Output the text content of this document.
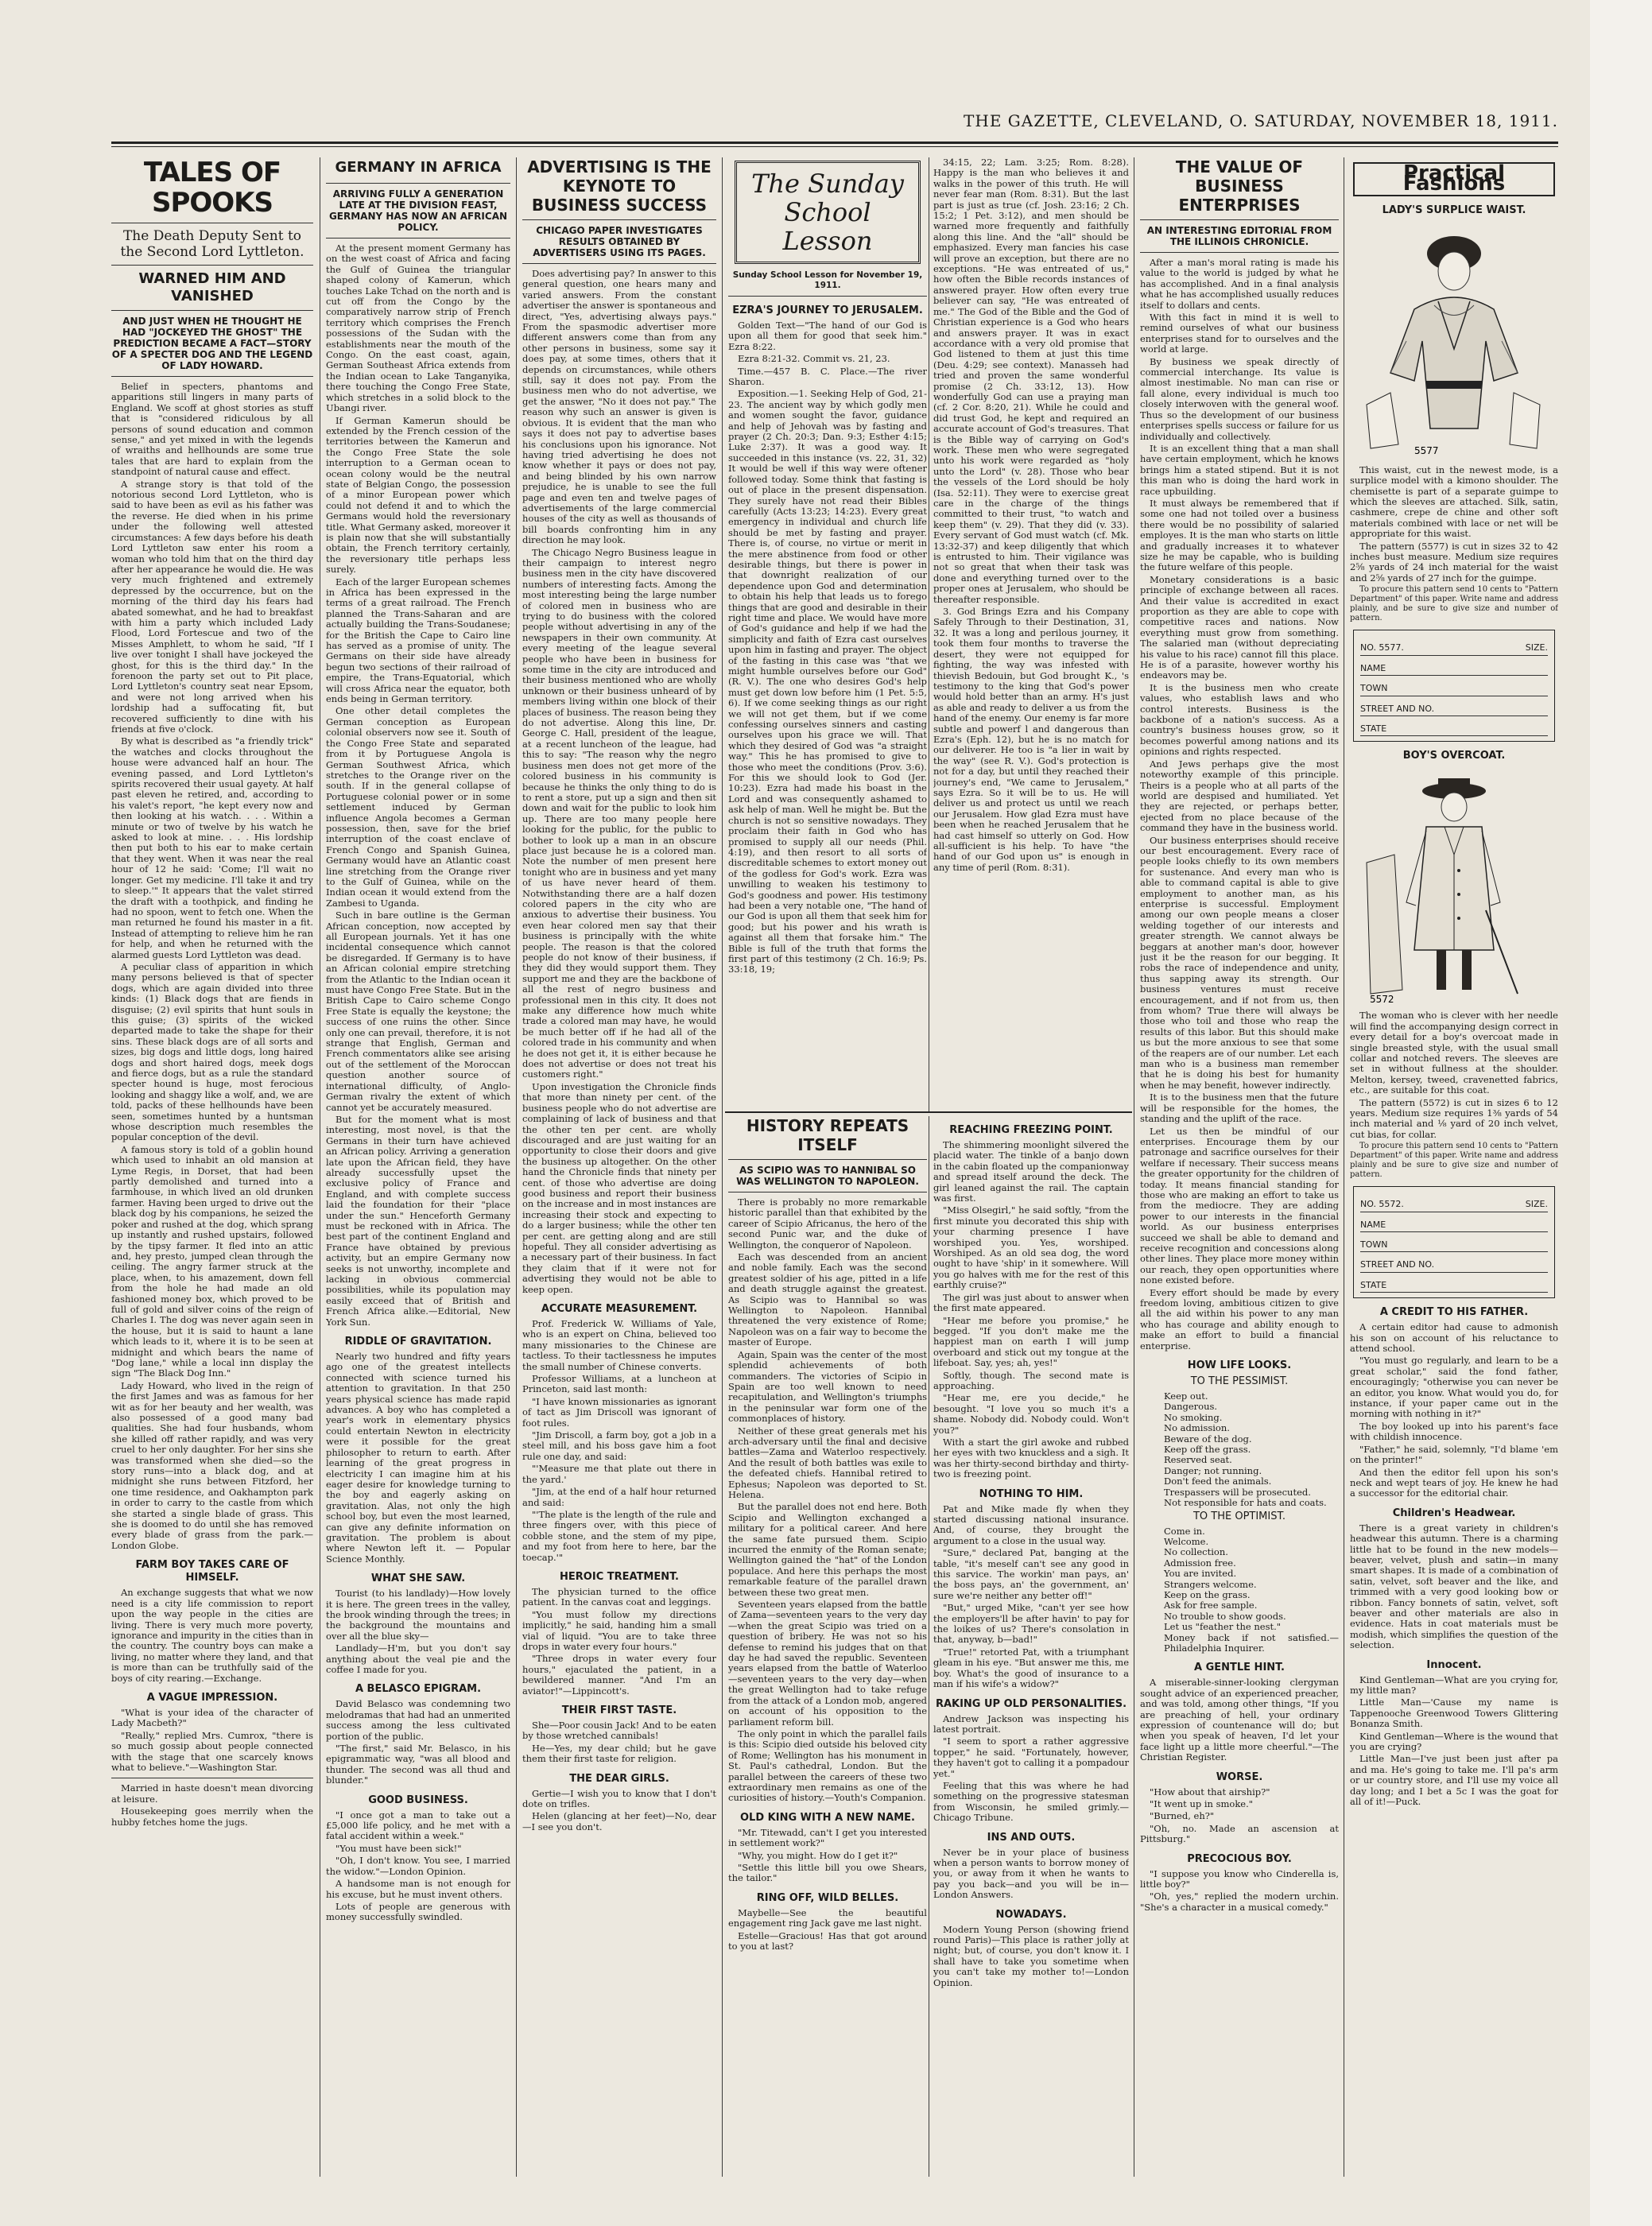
THE GAZETTE, CLEVELAND, O. SATURDAY, NOVEMBER 18, 1911.
TALES OF SPOOKS
The Death Deputy Sent to the Second Lord Lyttleton.
WARNED HIM AND VANISHED
AND JUST WHEN HE THOUGHT HE HAD "JOCKEYED THE GHOST" THE PREDICTION BECAME A FACT—STORY OF A SPECTER DOG AND THE LEGEND OF LADY HOWARD.

Belief in specters, phantoms and apparitions still lingers in many parts of England. We scoff at ghost stories as stuff that is "considered ridiculous by all persons of sound education and common sense," and yet mixed in with the legends of wraiths and hellhounds are some true tales that are hard to explain from the standpoint of natural cause and effect.

A strange story is that told of the notorious second Lord Lyttleton, who is said to have been as evil as his father was the reverse. He died when in his prime under the following well attested circumstances: A few days before his death Lord Lyttleton saw enter his room a woman who told him that on the third day after her appearance he would die. He was very much frightened and extremely depressed by the occurrence, but on the morning of the third day his fears had abated somewhat, and he had to breakfast with him a party which included Lady Flood, Lord Fortescue and two of the Misses Amphlett, to whom he said, "If I live over tonight I shall have jockeyed the ghost, for this is the third day." In the forenoon the party set out to Pit place, Lord Lyttleton's country seat near Epsom, and were not long arrived when his lordship had a suffocating fit, but recovered sufficiently to dine with his friends at five o'clock.

By what is described as "a friendly trick" the watches and clocks throughout the house were advanced half an hour. The evening passed, and Lord Lyttleton's spirits recovered their usual gayety. At half past eleven he retired, and, according to his valet's report, "he kept every now and then looking at his watch. . . . Within a minute or two of twelve by his watch he asked to look at mine. . . . His lordship then put both to his ear to make certain that they went. When it was near the real hour of 12 he said: 'Come; I'll wait no longer. Get my medicine. I'll take it and try to sleep.'" It appears that the valet stirred the draft with a toothpick, and finding he had no spoon, went to fetch one. When the man returned he found his master in a fit. Instead of attempting to relieve him he ran for help, and when he returned with the alarmed guests Lord Lyttleton was dead.

A peculiar class of apparition in which many persons believed is that of specter dogs, which are again divided into three kinds: (1) Black dogs that are fiends in disguise; (2) evil spirits that hunt souls in this guise; (3) spirits of the wicked departed made to take the shape for their sins. These black dogs are of all sorts and sizes, big dogs and little dogs, long haired dogs and short haired dogs, meek dogs and fierce dogs, but as a rule the standard specter hound is huge, most ferocious looking and shaggy like a wolf, and, we are told, packs of these hellhounds have been seen, sometimes hunted by a huntsman whose description much resembles the popular conception of the devil.

A famous story is told of a goblin hound which used to inhabit an old mansion at Lyme Regis, in Dorset, that had been partly demolished and turned into a farmhouse, in which lived an old drunken farmer. Having been urged to drive out the black dog by his companions, he seized the poker and rushed at the dog, which sprang up instantly and rushed upstairs, followed by the tipsy farmer. It fled into an attic and, hey presto, jumped clean through the ceiling. The angry farmer struck at the place, when, to his amazement, down fell from the hole he had made an old fashioned money box, which proved to be full of gold and silver coins of the reign of Charles I. The dog was never again seen in the house, but it is said to haunt a lane which leads to it, where it is to be seen at midnight and which bears the name of "Dog lane," while a local inn display the sign "The Black Dog Inn."

Lady Howard, who lived in the reign of the first James and was as famous for her wit as for her beauty and her wealth, was also possessed of a good many bad qualities. She had four husbands, whom she killed off rather rapidly, and was very cruel to her only daughter. For her sins she was transformed when she died—so the story runs—into a black dog, and at midnight she runs between Fitzford, her one time residence, and Oakhampton park in order to carry to the castle from which she started a single blade of grass. This she is doomed to do until she has removed every blade of grass from the park.—London Globe.

FARM BOY TAKES CARE OF HIMSELF.

An exchange suggests that what we now need is a city life commission to report upon the way people in the cities are living. There is very much more poverty, ignorance and impurity in the cities than in the country. The country boys can make a living, no matter where they land, and that is more than can be truthfully said of the boys of city rearing.—Exchange.

A VAGUE IMPRESSION.

"What is your idea of the character of Lady Macbeth?"

"Really," replied Mrs. Cumrox, "there is so much gossip about people connected with the stage that one scarcely knows what to believe."—Washington Star.

Married in haste doesn't mean divorcing at leisure.

Housekeeping goes merrily when the hubby fetches home the jugs.

GERMANY IN AFRICA
ARRIVING FULLY A GENERATION LATE AT THE DIVISION FEAST, GERMANY HAS NOW AN AFRICAN POLICY.

At the present moment Germany has on the west coast of Africa and facing the Gulf of Guinea the triangular shaped colony of Kamerun, which touches Lake Tchad on the north and is cut off from the Congo by the comparatively narrow strip of French territory which comprises the French possessions of the Sudan with the establishments near the mouth of the Congo. On the east coast, again, German Southeast Africa extends from the Indian ocean to Lake Tanganyika, there touching the Congo Free State, which stretches in a solid block to the Ubangi river.

If German Kamerun should be extended by the French cession of the territories between the Kamerun and the Congo Free State the sole interruption to a German ocean to ocean colony would be the neutral state of Belgian Congo, the possession of a minor European power which could not defend it and to which the Germans would hold the reversionary title. What Germany asked, moreover it is plain now that she will substantially obtain, the French territory certainly, the reversionary title perhaps less surely.

Each of the larger European schemes in Africa has been expressed in the terms of a great railroad. The French planned the Trans-Saharan and are actually building the Trans-Soudanese; for the British the Cape to Cairo line has served as a promise of unity. The Germans on their side have already begun two sections of their railroad of empire, the Trans-Equatorial, which will cross Africa near the equator, both ends being in German territory.

One other detail completes the German conception as European colonial observers now see it. South of the Congo Free State and separated from it by Portuguese Angola is German Southwest Africa, which stretches to the Orange river on the south. If in the general collapse of Portuguese colonial power or in some settlement induced by German influence Angola becomes a German possession, then, save for the brief interruption of the coast enclave of French Congo and Spanish Guinea, Germany would have an Atlantic coast line stretching from the Orange river to the Gulf of Guinea, while on the Indian ocean it would extend from the Zambesi to Uganda.

Such in bare outline is the German African conception, now accepted by all European journals. Yet it has one incidental consequence which cannot be disregarded. If Germany is to have an African colonial empire stretching from the Atlantic to the Indian ocean it must have Congo Free State. But in the British Cape to Cairo scheme Congo Free State is equally the keystone; the success of one ruins the other. Since only one can prevail, therefore, it is not strange that English, German and French commentators alike see arising out of the settlement of the Moroccan question another source of international difficulty, of Anglo-German rivalry the extent of which cannot yet be accurately measured.

But for the moment what is most interesting, most novel, is that the Germans in their turn have achieved an African policy. Arriving a generation late upon the African field, they have already successfully upset the exclusive policy of France and England, and with complete success laid the foundation for their "place under the sun." Henceforth Germany must be reckoned with in Africa. The best part of the continent England and France have obtained by previous activity, but an empire Germany now seeks is not unworthy, incomplete and lacking in obvious commercial possibilities, while its population may easily exceed that of British and French Africa alike.—Editorial, New York Sun.

RIDDLE OF GRAVITATION.

Nearly two hundred and fifty years ago one of the greatest intellects connected with science turned his attention to gravitation. In that 250 years physical science has made rapid advances. A boy who has completed a year's work in elementary physics could entertain Newton in electricity were it possible for the great philosopher to return to earth. After learning of the great progress in electricity I can imagine him at his eager desire for knowledge turning to the boy and eagerly asking on gravitation. Alas, not only the high school boy, but even the most learned, can give any definite information on gravitation. The problem is about where Newton left it. — Popular Science Monthly.

WHAT SHE SAW.

Tourist (to his landlady)—How lovely it is here. The green trees in the valley, the brook winding through the trees; in the background the mountains and over all the blue sky—

Landlady—H'm, but you don't say anything about the veal pie and the coffee I made for you.

A BELASCO EPIGRAM.

David Belasco was condemning two melodramas that had had an unmerited success among the less cultivated portion of the public.

"The first," said Mr. Belasco, in his epigrammatic way, "was all blood and thunder. The second was all thud and blunder."

GOOD BUSINESS.

"I once got a man to take out a £5,000 life policy, and he met with a fatal accident within a week."

"You must have been sick!"

"Oh, I don't know. You see, I married the widow."—London Opinion.

A handsome man is not enough for his excuse, but he must invent others.

Lots of people are generous with money successfully swindled.

ADVERTISING IS THE KEYNOTE TO BUSINESS SUCCESS
CHICAGO PAPER INVESTIGATES RESULTS OBTAINED BY ADVERTISERS USING ITS PAGES.

Does advertising pay? In answer to this general question, one hears many and varied answers. From the constant advertiser the answer is spontaneous and direct, "Yes, advertising always pays." From the spasmodic advertiser more different answers come than from any other persons in business, some say it does pay, at some times, others that it depends on circumstances, while others still, say it does not pay. From the business men who do not advertise, we get the answer, "No it does not pay." The reason why such an answer is given is obvious. It is evident that the man who says it does not pay to advertise bases his conclusions upon his ignorance. Not having tried advertising he does not know whether it pays or does not pay, and being blinded by his own narrow prejudice, he is unable to see the full page and even ten and twelve pages of advertisements of the large commercial houses of the city as well as thousands of bill boards confronting him in any direction he may look.

The Chicago Negro Business league in their campaign to interest negro business men in the city have discovered numbers of interesting facts. Among the most interesting being the large number of colored men in business who are trying to do business with the colored people without advertising in any of the newspapers in their own community. At every meeting of the league several people who have been in business for some time in the city are introduced and their business mentioned who are wholly unknown or their business unheard of by members living within one block of their places of business. The reason being they do not advertise. Along this line, Dr. George C. Hall, president of the league, at a recent luncheon of the league, had this to say: "The reason why the negro business men does not get more of the colored business in his community is because he thinks the only thing to do is to rent a store, put up a sign and then sit down and wait for the public to look him up. There are too many people here looking for the public, for the public to bother to look up a man in an obscure place just because he is a colored man. Note the number of men present here tonight who are in business and yet many of us have never heard of them. Notwithstanding there are a half dozen colored papers in the city who are anxious to advertise their business. You even hear colored men say that their business is principally with the white people. The reason is that the colored people do not know of their business, if they did they would support them. They support me and they are the backbone of all the rest of negro business and professional men in this city. It does not make any difference how much white trade a colored man may have, he would be much better off if he had all of the colored trade in his community and when he does not get it, it is either because he does not advertise or does not treat his customers right."

Upon investigation the Chronicle finds that more than ninety per cent. of the business people who do not advertise are complaining of lack of business and that the other ten per cent. are wholly discouraged and are just waiting for an opportunity to close their doors and give the business up altogether. On the other hand the Chronicle finds that ninety per cent. of those who advertise are doing good business and report their business on the increase and in most instances are increasing their stock and expecting to do a larger business; while the other ten per cent. are getting along and are still hopeful. They all consider advertising as a necessary part of their business. In fact they claim that if it were not for advertising they would not be able to keep open.

ACCURATE MEASUREMENT.

Prof. Frederick W. Williams of Yale, who is an expert on China, believed too many missionaries to the Chinese are tactless. To their tactlessness he imputes the small number of Chinese converts.

Professor Williams, at a luncheon at Princeton, said last month:

"I have known missionaries as ignorant of tact as Jim Driscoll was ignorant of foot rules.

"Jim Driscoll, a farm boy, got a job in a steel mill, and his boss gave him a foot rule one day, and said:

"'Measure me that plate out there in the yard.'

"Jim, at the end of a half hour returned and said:

"'The plate is the length of the rule and three fingers over, with this piece of cobble stone, and the stem of my pipe, and my foot from here to here, bar the toecap.'"

HEROIC TREATMENT.

The physician turned to the office patient. In the canvas coat and leggings.

"You must follow my directions implicitly," he said, handing him a small vial of liquid. "You are to take three drops in water every four hours."

"Three drops in water every four hours," ejaculated the patient, in a bewildered manner. "And I'm an aviator!"—Lippincott's.

THEIR FIRST TASTE.

She—Poor cousin Jack! And to be eaten by those wretched cannibals!

He—Yes, my dear child; but he gave them their first taste for religion.

THE DEAR GIRLS.

Gertie—I wish you to know that I don't dote on trifles.

Helen (glancing at her feet)—No, dear—I see you don't.

The Sunday School Lesson
Sunday School Lesson for November 19, 1911.
EZRA'S JOURNEY TO JERUSALEM.

Golden Text—"The hand of our God is upon all them for good that seek him." Ezra 8:22.

Ezra 8:21-32. Commit vs. 21, 23.

Time.—457 B. C. Place.—The river Sharon.

Exposition.—1. Seeking Help of God, 21-23. The ancient way by which godly men and women sought the favor, guidance and help of Jehovah was by fasting and prayer (2 Ch. 20:3; Dan. 9:3; Esther 4:15; Luke 2:37). It was a good way. It succeeded in this instance (vs. 22, 31, 32) It would be well if this way were oftener followed today. Some think that fasting is out of place in the present dispensation. They surely have not read their Bibles carefully (Acts 13:23; 14:23). Every great emergency in individual and church life should be met by fasting and prayer. There is, of course, no virtue or merit in the mere abstinence from food or other desirable things, but there is power in that downright realization of our dependence upon God and determination to obtain his help that leads us to forego things that are good and desirable in their right time and place. We would have more of God's guidance and help if we had the simplicity and faith of Ezra cast ourselves upon him in fasting and prayer. The object of the fasting in this case was "that we might humble ourselves before our God" (R. V.). The one who desires God's help must get down low before him (1 Pet. 5:5, 6). If we come seeking things as our right we will not get them, but if we come confessing ourselves sinners and casting ourselves upon his grace we will. That which they desired of God was "a straight way." This he has promised to give to those who meet the conditions (Prov. 3:6). For this we should look to God (Jer. 10:23). Ezra had made his boast in the Lord and was consequently ashamed to ask help of man. Well he might be. But the church is not so sensitive nowadays. They proclaim their faith in God who has promised to supply all our needs (Phil. 4:19), and then resort to all sorts of discreditable schemes to extort money out of the godless for God's work. Ezra was unwilling to weaken his testimony to God's goodness and power. His testimony had been a very notable one, "The hand of our God is upon all them that seek him for good; but his power and his wrath is against all them that forsake him." The Bible is full of the truth that forms the first part of this testimony (2 Ch. 16:9; Ps. 33:18, 19;

34:15, 22; Lam. 3:25; Rom. 8:28). Happy is the man who believes it and walks in the power of this truth. He will never fear man (Rom. 8:31). But the last part is just as true (cf. Josh. 23:16; 2 Ch. 15:2; 1 Pet. 3:12), and men should be warned more frequently and faithfully along this line. And the "all" should be emphasized. Every man fancies his case will prove an exception, but there are no exceptions. "He was entreated of us," how often the Bible records instances of answered prayer. How often every true believer can say, "He was entreated of me." The God of the Bible and the God of Christian experience is a God who hears and answers prayer. It was in exact accordance with a very old promise that God listened to them at just this time (Deu. 4:29; see context). Manasseh had tried and proven the same wonderful promise (2 Ch. 33:12, 13). How wonderfully God can use a praying man (cf. 2 Cor. 8:20, 21). While he could and did trust God, he kept and required an accurate account of God's treasures. That is the Bible way of carrying on God's work. These men who were segregated unto his work were regarded as "holy unto the Lord" (v. 28). Those who bear the vessels of the Lord should be holy (Isa. 52:11). They were to exercise great care in the charge of the things committed to their trust, "to watch and keep them" (v. 29). That they did (v. 33). Every servant of God must watch (cf. Mk. 13:32-37) and keep diligently that which is entrusted to him. Their vigilance was not so great that when their task was done and everything turned over to the proper ones at Jerusalem, who should be thereafter responsible.

3. God Brings Ezra and his Company Safely Through to their Destination, 31, 32. It was a long and perilous journey, it took them four months to traverse the desert, they were not equipped for fighting, the way was infested with thievish Bedouin, but God brought K., 's testimony to the king that God's power would hold better than an army. H's just as able and ready to deliver a us from the hand of the enemy. Our enemy is far more subtle and powerf l and dangerous than Ezra's (Eph. 12), but he is no match for our deliverer. He too is "a lier in wait by the way" (see R. V.). God's protection is not for a day, but until they reached their journey's end, "We came to Jerusalem," says Ezra. So it will be to us. He will deliver us and protect us until we reach our Jerusalem. How glad Ezra must have been when he reached Jerusalem that he had cast himself so utterly on God. How all-sufficient is his help. To have "the hand of our God upon us" is enough in any time of peril (Rom. 8:31).

HISTORY REPEATS ITSELF
AS SCIPIO WAS TO HANNIBAL SO WAS WELLINGTON TO NAPOLEON.

There is probably no more remarkable historic parallel than that exhibited by the career of Scipio Africanus, the hero of the second Punic war, and the duke of Wellington, the conqueror of Napoleon.

Each was descended from an ancient and noble family. Each was the second greatest soldier of his age, pitted in a life and death struggle against the greatest. As Scipio was to Hannibal so was Wellington to Napoleon. Hannibal threatened the very existence of Rome; Napoleon was on a fair way to become the master of Europe.

Again, Spain was the center of the most splendid achievements of both commanders. The victories of Scipio in Spain are too well known to need recapitulation, and Wellington's triumphs in the peninsular war form one of the commonplaces of history.

Neither of these great generals met his arch-adversary until the final and decisive battles—Zama and Waterloo respectively. And the result of both battles was exile to the defeated chiefs. Hannibal retired to Ephesus; Napoleon was deported to St. Helena.

But the parallel does not end here. Both Scipio and Wellington exchanged a military for a political career. And here the same fate pursued them. Scipio incurred the enmity of the Roman senate; Wellington gained the "hat" of the London populace. And here this perhaps the most remarkable feature of the parallel drawn between these two great men.

Seventeen years elapsed from the battle of Zama—seventeen years to the very day—when the great Scipio was tried on a question of bribery. He was not so his defense to remind his judges that on that day he had saved the republic. Seventeen years elapsed from the battle of Waterloo—seventeen years to the very day—when the great Wellington had to take refuge from the attack of a London mob, angered on account of his opposition to the parliament reform bill.

The only point in which the parallel fails is this: Scipio died outside his beloved city of Rome; Wellington has his monument in St. Paul's cathedral, London. But the parallel between the careers of these two extraordinary men remains as one of the curiosities of history.—Youth's Companion.

OLD KING WITH A NEW NAME.

"Mr. Titewadd, can't I get you interested in settlement work?"

"Why, you might. How do I get it?"

"Settle this little bill you owe Shears, the tailor."

RING OFF, WILD BELLES.

Maybelle—See the beautiful engagement ring Jack gave me last night.

Estelle—Gracious! Has that got around to you at last?

REACHING FREEZING POINT.

The shimmering moonlight silvered the placid water. The tinkle of a banjo down in the cabin floated up the companionway and spread itself around the deck. The girl leaned against the rail. The captain was first.

"Miss Olsegirl," he said softly, "from the first minute you decorated this ship with your charming presence I have worshiped you. Yes, worshiped. Worshiped. As an old sea dog, the word ought to have 'ship' in it somewhere. Will you go halves with me for the rest of this earthly cruise?"

The girl was just about to answer when the first mate appeared.

"Hear me before you promise," he begged. "If you don't make me the happiest man on earth I will jump overboard and stick out my tongue at the lifeboat. Say, yes; ah, yes!"

Softly, though. The second mate is approaching.

"Hear me, ere you decide," he besought. "I love you so much it's a shame. Nobody did. Nobody could. Won't you?"

With a start the girl awoke and rubbed her eyes with two knuckless and a sigh. It was her thirty-second birthday and thirty-two is freezing point.

NOTHING TO HIM.

Pat and Mike made fly when they started discussing national insurance. And, of course, they brought the argument to a close in the usual way.

"Sure," declared Pat, banging at the table, "it's meself can't see any good in this sarvice. The workin' man pays, an' the boss pays, an' the government, an' sure we're neither any better off!"

"But," urged Mike, "can't yer see how the employers'll be after havin' to pay for the loikes of us? There's consolation in that, anyway, b—bad!"

"True!" retorted Pat, with a triumphant gleam in his eye. "But answer me this, me boy. What's the good of insurance to a man if his wife's a widow?"

RAKING UP OLD PERSONALITIES.

Andrew Jackson was inspecting his latest portrait.

"I seem to sport a rather aggressive topper," he said. "Fortunately, however, they haven't got to calling it a pompadour yet."

Feeling that this was where he had something on the progressive statesman from Wisconsin, he smiled grimly.—Chicago Tribune.

INS AND OUTS.

Never be in your place of business when a person wants to borrow money of you, or away from it when he wants to pay you back—and you will be in—London Answers.

NOWADAYS.

Modern Young Person (showing friend round Paris)—This place is rather jolly at night; but, of course, you don't know it. I shall have to take you sometime when you can't take my mother to!—London Opinion.

THE VALUE OF BUSINESS ENTERPRISES
AN INTERESTING EDITORIAL FROM THE ILLINOIS CHRONICLE.

After a man's moral rating is made his value to the world is judged by what he has accomplished. And in a final analysis what he has accomplished usually reduces itself to dollars and cents.

With this fact in mind it is well to remind ourselves of what our business enterprises stand for to ourselves and the world at large.

By business we speak directly of commercial interchange. Its value is almost inestimable. No man can rise or fall alone, every individual is much too closely interwoven with the general woof. Thus so the development of our business enterprises spells success or failure for us individually and collectively.

It is an excellent thing that a man shall have certain employment, which he knows brings him a stated stipend. But it is not this man who is doing the hard work in race upbuilding.

It must always be remembered that if some one had not toiled over a business there would be no possibility of salaried employes. It is the man who starts on little and gradually increases it to whatever size he may be capable, who is building the future welfare of this people.

Monetary considerations is a basic principle of exchange between all races. And their value is accredited in exact proportion as they are able to cope with competitive races and nations. Now everything must grow from something. The salaried man (without depreciating his value to his race) cannot fill this place. He is of a parasite, however worthy his endeavors may be.

It is the business men who create values, who establish laws and who control interests. Business is the backbone of a nation's success. As a country's business houses grow, so it becomes powerful among nations and its opinions and rights respected.

And Jews perhaps give the most noteworthy example of this principle. Theirs is a people who at all parts of the world are despised and humiliated. Yet they are rejected, or perhaps better, ejected from no place because of the command they have in the business world.

Our business enterprises should receive our best encouragement. Every race of people looks chiefly to its own members for sustenance. And every man who is able to command capital is able to give employment to another man, as his enterprise is successful. Employment among our own people means a closer welding together of our interests and greater strength. We cannot always be beggars at another man's door, however just it be the reason for our begging. It robs the race of independence and unity, thus sapping away its strength. Our business ventures must receive encouragement, and if not from us, then from whom? True there will always be those who toil and those who reap the results of this labor. But this should make us but the more anxious to see that some of the reapers are of our number. Let each man who is a business man remember that he is doing his best for humanity when he may benefit, however indirectly.

It is to the business men that the future will be responsible for the homes, the standing and the uplift of the race.

Let us then be mindful of our enterprises. Encourage them by our patronage and sacrifice ourselves for their welfare if necessary. Their success means the greater opportunity for the children of today. It means financial standing for those who are making an effort to take us from the mediocre. They are adding power to our interests in the financial world. As our business enterprises succeed we shall be able to demand and receive recognition and concessions along other lines. They place more money within our reach, they open opportunities where none existed before.

Every effort should be made by every freedom loving, ambitious citizen to give all the aid within his power to any man who has courage and ability enough to make an effort to build a financial enterprise.

HOW LIFE LOOKS.
TO THE PESSIMIST.
Keep out.
Dangerous.
No smoking.
No admission.
Beware of the dog.
Keep off the grass.
Reserved seat.
Danger; not running.
Don't feed the animals.
Trespassers will be prosecuted.
Not responsible for hats and coats.
TO THE OPTIMIST.
Come in.
Welcome.
No collection.
Admission free.
You are invited.
Strangers welcome.
Keep on the grass.
Ask for free sample.
No trouble to show goods.
Let us "feather the nest."
Money back if not satisfied.—Philadelphia Inquirer.
A GENTLE HINT.

A miserable-sinner-looking clergyman sought advice of an experienced preacher, and was told, among other things, "If you are preaching of hell, your ordinary expression of countenance will do; but when you speak of heaven, I'd let your face light up a little more cheerful."—The Christian Register.

WORSE.

"How about that airship?"

"It went up in smoke."

"Burned, eh?"

"Oh, no. Made an ascension at Pittsburg."

PRECOCIOUS BOY.

"I suppose you know who Cinderella is, little boy?"

"Oh, yes," replied the modern urchin. "She's a character in a musical comedy."

Practical Fashions
LADY'S SURPLICE WAIST.
5577

This waist, cut in the newest mode, is a surplice model with a kimono shoulder. The chemisette is part of a separate guimpe to which the sleeves are attached. Silk, satin, cashmere, crepe de chine and other soft materials combined with lace or net will be appropriate for this waist.

The pattern (5577) is cut in sizes 32 to 42 inches bust measure. Medium size requires 2⅝ yards of 24 inch material for the waist and 2⅝ yards of 27 inch for the guimpe.

To procure this pattern send 10 cents to "Pattern Department" of this paper. Write name and address plainly, and be sure to give size and number of pattern.

NO. 5577.	SIZE.
NAME
TOWN
STREET AND NO.
STATE
BOY'S OVERCOAT.
5572

The woman who is clever with her needle will find the accompanying design correct in every detail for a boy's overcoat made in single breasted style, with the usual small collar and notched revers. The sleeves are set in without fullness at the shoulder. Melton, kersey, tweed, cravenetted fabrics, etc., are suitable for this coat.

The pattern (5572) is cut in sizes 6 to 12 years. Medium size requires 1⅜ yards of 54 inch material and ⅛ yard of 20 inch velvet, cut bias, for collar.

To procure this pattern send 10 cents to "Pattern Department" of this paper. Write name and address plainly and be sure to give size and number of pattern.

NO. 5572.	SIZE.
NAME
TOWN
STREET AND NO.
STATE
A CREDIT TO HIS FATHER.

A certain editor had cause to admonish his son on account of his reluctance to attend school.

"You must go regularly, and learn to be a great scholar," said the fond father, encouragingly; "otherwise you can never be an editor, you know. What would you do, for instance, if your paper came out in the morning with nothing in it?"

The boy looked up into his parent's face with childish innocence.

"Father," he said, solemnly, "I'd blame 'em on the printer!"

And then the editor fell upon his son's neck and wept tears of joy. He knew he had a successor for the editorial chair.

Children's Headwear.

There is a great variety in children's headwear this autumn. There is a charming little hat to be found in the new models—beaver, velvet, plush and satin—in many smart shapes. It is made of a combination of satin, velvet, soft beaver and the like, and trimmed with a very good looking bow or ribbon. Fancy bonnets of satin, velvet, soft beaver and other materials are also in evidence. Hats in coat materials must be modish, which simplifies the question of the selection.

Innocent.

Kind Gentleman—What are you crying for, my little man?

Little Man—'Cause my name is Tappenooche Greenwood Towers Glittering Bonanza Smith.

Kind Gentleman—Where is the wound that you are crying?

Little Man—I've just been just after pa and ma. He's going to take me. I'll pa's arm or ur country store, and I'll use my voice all day long; and I bet a 5c I was the goat for all of it!—Puck.
